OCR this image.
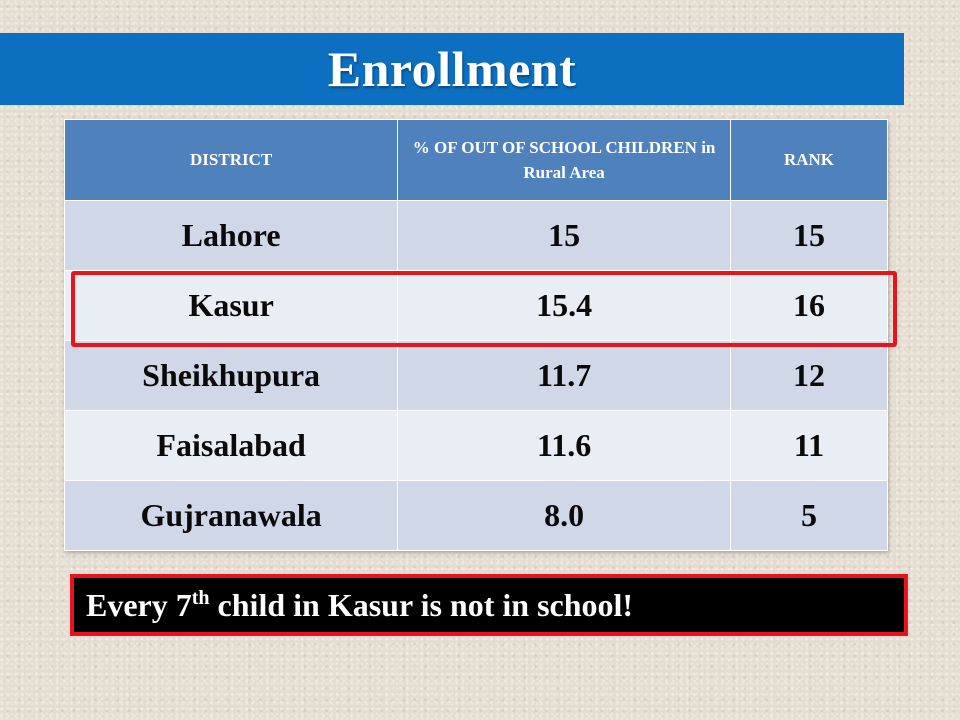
Enrollment
DISTRICT	% OF OUT OF SCHOOL CHILDREN in Rural Area	RANK
Lahore	15	15
Kasur	15.4	16
Sheikhupura	11.7	12
Faisalabad	11.6	11
Gujranawala	8.0	5
Every 7th child in Kasur is not in school!
